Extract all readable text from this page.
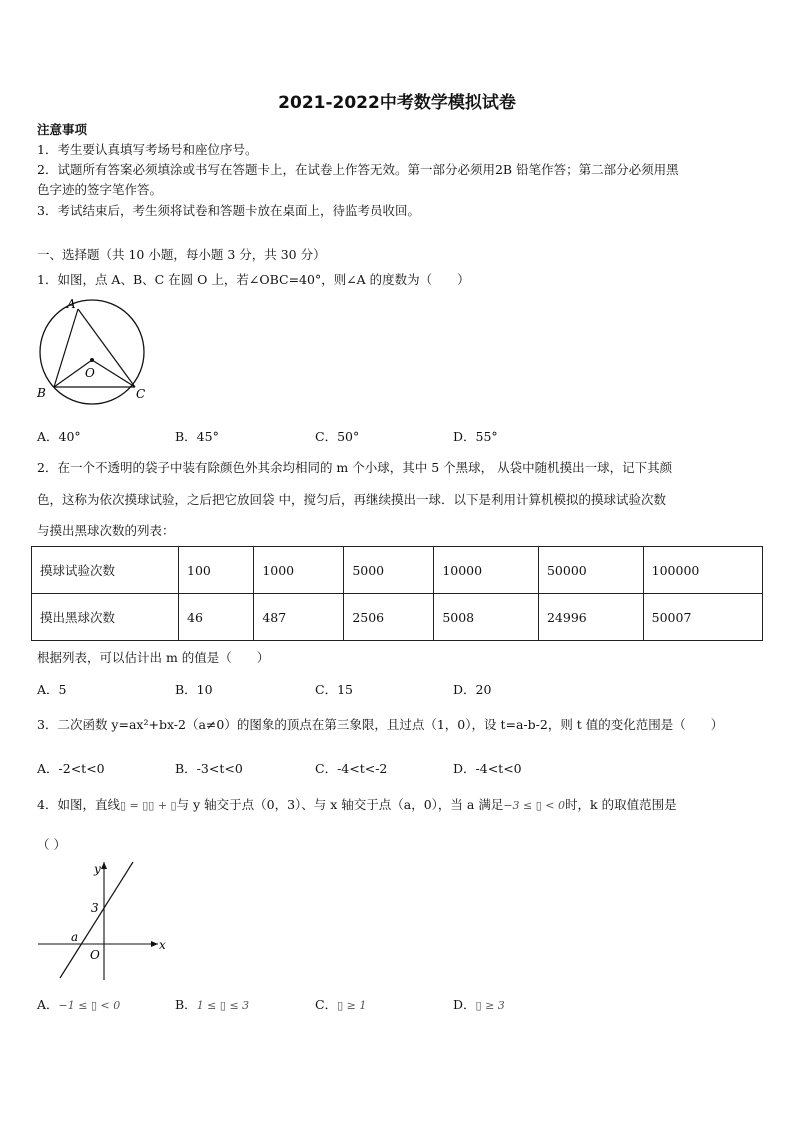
2021-2022中考数学模拟试卷
注意事项
1．考生要认真填写考场号和座位序号。
2．试题所有答案必须填涂或书写在答题卡上，在试卷上作答无效。第一部分必须用2B 铅笔作答；第二部分必须用黑
色字迹的签字笔作答。
3．考试结束后，考生须将试卷和答题卡放在桌面上，待监考员收回。
一、选择题（共 10 小题，每小题 3 分，共 30 分）
1．如图，点 A、B、C 在圆 O 上，若∠OBC=40°，则∠A 的度数为（　　）
A
B	C
O
A．40°	B．45°	C．50°	D．55°
2．在一个不透明的袋子中装有除颜色外其余均相同的 m 个小球，其中 5 个黑球， 从袋中随机摸出一球，记下其颜
色，这称为依次摸球试验，之后把它放回袋 中，搅匀后，再继续摸出一球．以下是利用计算机模拟的摸球试验次数
与摸出黑球次数的列表：
摸球试验次数	100	1000	5000	10000	50000	100000
摸出黑球次数	46	487	2506	5008	24996	50007
根据列表，可以估计出 m 的值是（　　）
A．5	B．10	C．15	D．20
3．二次函数 y=ax²+bx-2（a≠0）的图象的顶点在第三象限，且过点（1，0），设 t=a-b-2，则 t 值的变化范围是（　　）
A．-2<t<0	B．-3<t<0	C．-4<t<-2	D．-4<t<0
4．如图，直线▯ = ▯▯ + ▯与 y 轴交于点（0，3）、与 x 轴交于点（a，0），当 a 满足−3 ≤ ▯ < 0时，k 的取值范围是
（ ）
y
x
3
a
O
A．−1 ≤ ▯ < 0	B．1 ≤ ▯ ≤ 3	C．▯ ≥ 1	D．▯ ≥ 3
